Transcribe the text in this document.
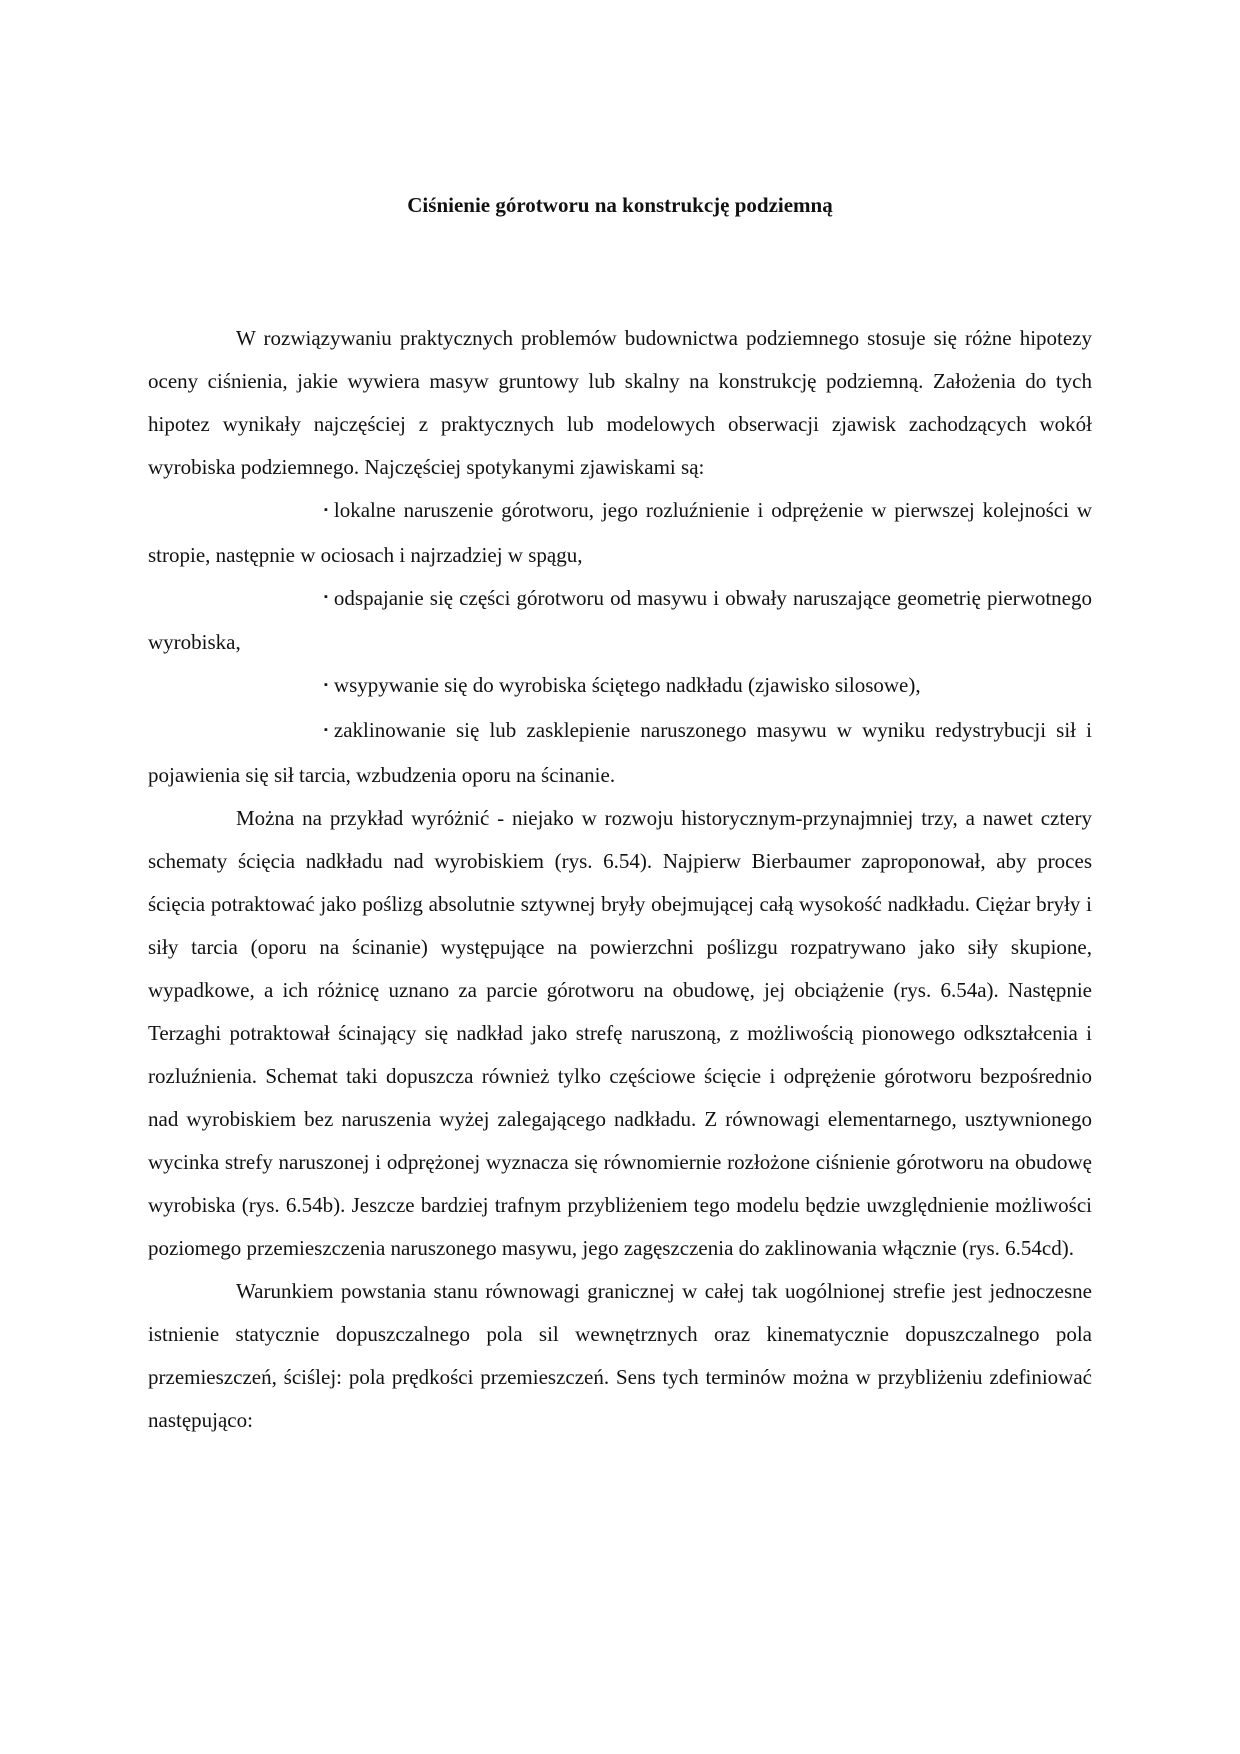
Ciśnienie górotworu na konstrukcję podziemną

W rozwiązywaniu praktycznych problemów budownictwa podziemnego stosuje się różne hipotezy oceny ciśnienia, jakie wywiera masyw gruntowy lub skalny na konstrukcję podziemną. Założenia do tych hipotez wynikały najczęściej z praktycznych lub modelowych obserwacji zjawisk zachodzących wokół wyrobiska podziemnego. Najczęściej spotykanymi zjawiskami są:

▪ lokalne naruszenie górotworu, jego rozluźnienie i odprężenie w pierwszej kolejności w stropie, następnie w ociosach i najrzadziej w spągu,

▪ odspajanie się części górotworu od masywu i obwały naruszające geometrię pierwotnego wyrobiska,

▪ wsypywanie się do wyrobiska ściętego nadkładu (zjawisko silosowe),

▪ zaklinowanie się lub zasklepienie naruszonego masywu w wyniku redystrybucji sił i pojawienia się sił tarcia, wzbudzenia oporu na ścinanie.

Można na przykład wyróżnić - niejako w rozwoju historycznym-przynajmniej trzy, a nawet cztery schematy ścięcia nadkładu nad wyrobiskiem (rys. 6.54). Najpierw Bierbaumer zaproponował, aby proces ścięcia potraktować jako poślizg absolutnie sztywnej bryły obejmującej całą wysokość nadkładu. Ciężar bryły i siły tarcia (oporu na ścinanie) występujące na powierzchni poślizgu rozpatrywano jako siły skupione, wypadkowe, a ich różnicę uznano za parcie górotworu na obudowę, jej obciążenie (rys. 6.54a). Następnie Terzaghi potraktował ścinający się nadkład jako strefę naruszoną, z możliwością pionowego odkształcenia i rozluźnienia. Schemat taki dopuszcza również tylko częściowe ścięcie i odprężenie górotworu bezpośrednio nad wyrobiskiem bez naruszenia wyżej zalegającego nadkładu. Z równowagi elementarnego, usztywnionego wycinka strefy naruszonej i odprężonej wyznacza się równomiernie rozłożone ciśnienie górotworu na obudowę wyrobiska (rys. 6.54b). Jeszcze bardziej trafnym przybliżeniem tego modelu będzie uwzględnienie możliwości poziomego przemieszczenia naruszonego masywu, jego zagęszczenia do zaklinowania włącznie (rys. 6.54cd).

Warunkiem powstania stanu równowagi granicznej w całej tak uogólnionej strefie jest jednoczesne istnienie statycznie dopuszczalnego pola sil wewnętrznych oraz kinematycznie dopuszczalnego pola przemieszczeń, ściślej: pola prędkości przemieszczeń. Sens tych terminów można w przybliżeniu zdefiniować następująco:
